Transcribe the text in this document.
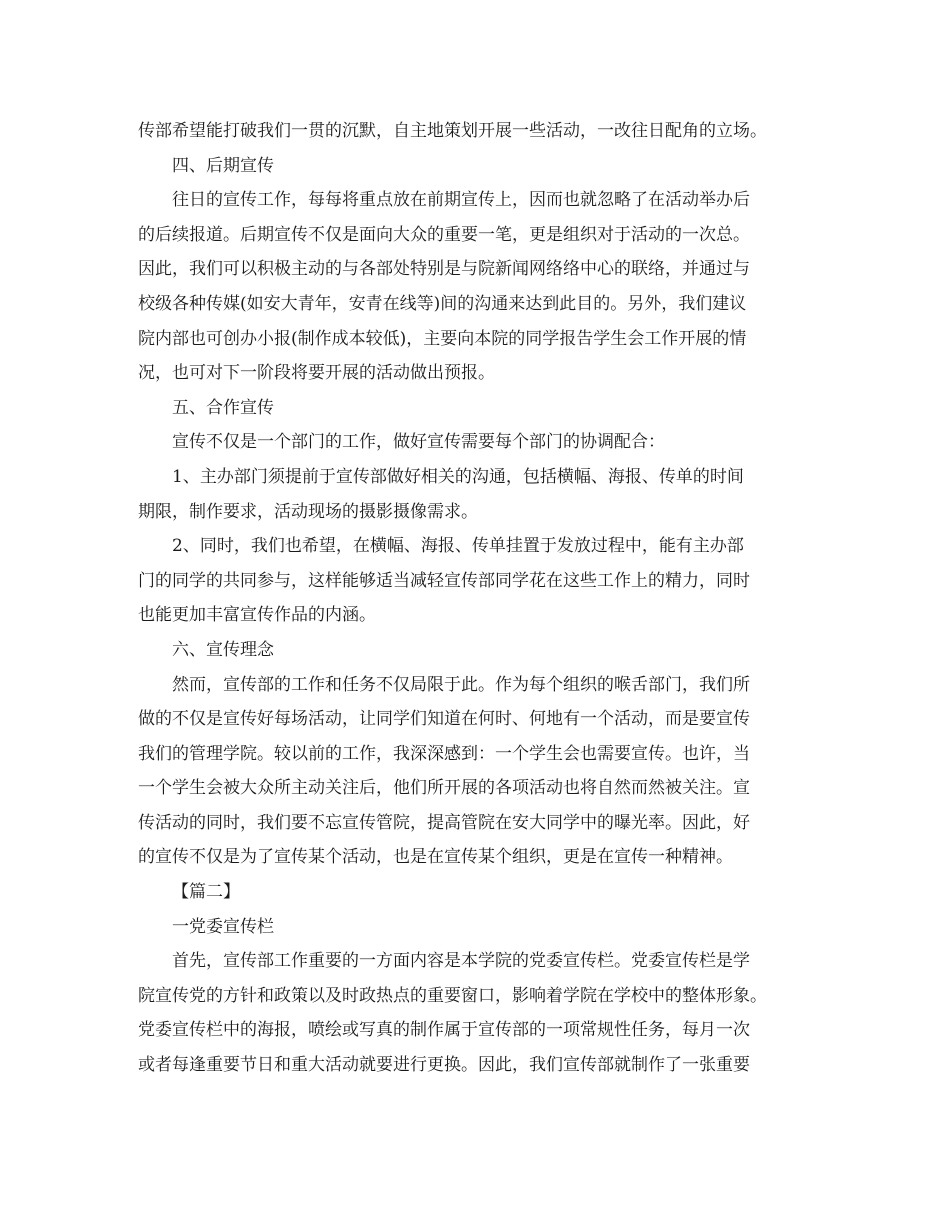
传部希望能打破我们一贯的沉默，自主地策划开展一些活动，一改往日配角的立场。
四、后期宣传
往日的宣传工作，每每将重点放在前期宣传上，因而也就忽略了在活动举办后
的后续报道。后期宣传不仅是面向大众的重要一笔，更是组织对于活动的一次总。
因此，我们可以积极主动的与各部处特别是与院新闻网络络中心的联络，并通过与
校级各种传媒(如安大青年，安青在线等)间的沟通来达到此目的。另外，我们建议
院内部也可创办小报(制作成本较低)，主要向本院的同学报告学生会工作开展的情
况，也可对下一阶段将要开展的活动做出预报。
五、合作宣传
宣传不仅是一个部门的工作，做好宣传需要每个部门的协调配合：
1、主办部门须提前于宣传部做好相关的沟通，包括横幅、海报、传单的时间
期限，制作要求，活动现场的摄影摄像需求。
2、同时，我们也希望，在横幅、海报、传单挂置于发放过程中，能有主办部
门的同学的共同参与，这样能够适当减轻宣传部同学花在这些工作上的精力，同时
也能更加丰富宣传作品的内涵。
六、宣传理念
然而，宣传部的工作和任务不仅局限于此。作为每个组织的喉舌部门，我们所
做的不仅是宣传好每场活动，让同学们知道在何时、何地有一个活动，而是要宣传
我们的管理学院。较以前的工作，我深深感到：一个学生会也需要宣传。也许，当
一个学生会被大众所主动关注后，他们所开展的各项活动也将自然而然被关注。宣
传活动的同时，我们要不忘宣传管院，提高管院在安大同学中的曝光率。因此，好
的宣传不仅是为了宣传某个活动，也是在宣传某个组织，更是在宣传一种精神。
【篇二】
一党委宣传栏
首先，宣传部工作重要的一方面内容是本学院的党委宣传栏。党委宣传栏是学
院宣传党的方针和政策以及时政热点的重要窗口，影响着学院在学校中的整体形象。
党委宣传栏中的海报，喷绘或写真的制作属于宣传部的一项常规性任务，每月一次
或者每逢重要节日和重大活动就要进行更换。因此，我们宣传部就制作了一张重要
